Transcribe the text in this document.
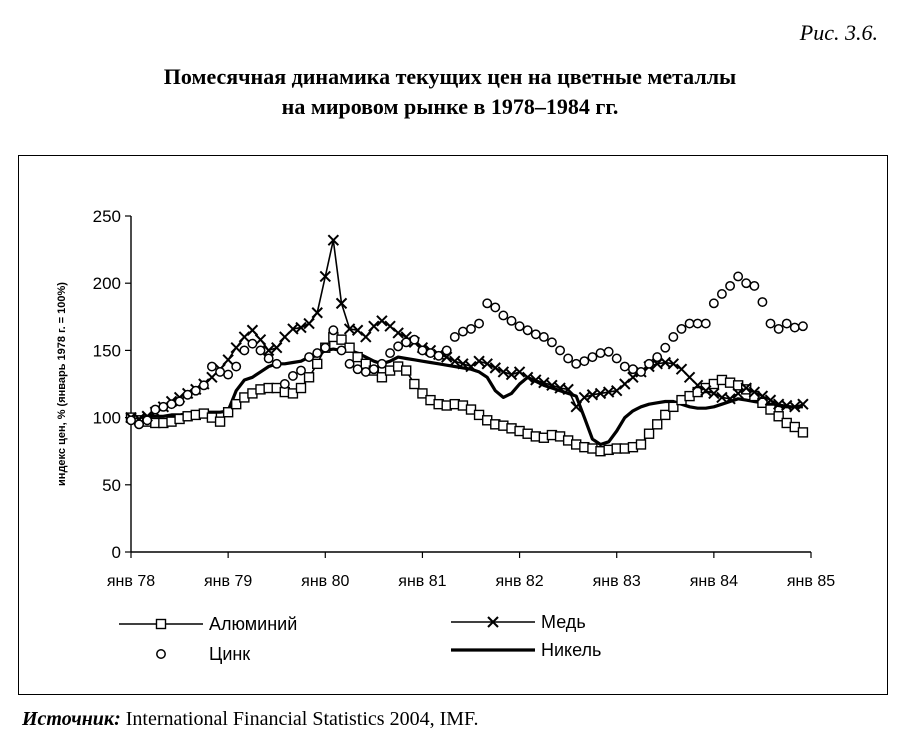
Рис. 3.6.
Помесячная динамика текущих цен на цветные металлы
на мировом рынке в 1978–1984 гг.
0
50
100
150
200
250
янв 78	янв 79	янв 80	янв 81	янв 82	янв 83	янв 84	янв 85
индекс цен, % (январь 1978 г. = 100%)
Алюминий	Медь
Цинк	Никель
Источник: International Financial Statistics 2004, IMF.
